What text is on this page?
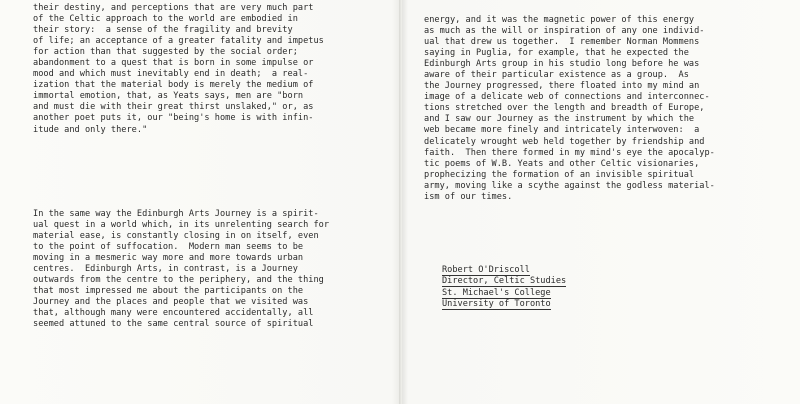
their destiny, and perceptions that are very much part
of the Celtic approach to the world are embodied in
their story:  a sense of the fragility and brevity
of life; an acceptance of a greater fatality and impetus
for action than that suggested by the social order;
abandonment to a quest that is born in some impulse or
mood and which must inevitably end in death;  a real-
ization that the material body is merely the medium of
immortal emotion, that, as Yeats says, men are "born
and must die with their great thirst unslaked," or, as
another poet puts it, our "being's home is with infin-
itude and only there."

In the same way the Edinburgh Arts Journey is a spirit-
ual quest in a world which, in its unrelenting search for
material ease, is constantly closing in on itself, even
to the point of suffocation.  Modern man seems to be
moving in a mesmeric way more and more towards urban
centres.  Edinburgh Arts, in contrast, is a Journey
outwards from the centre to the periphery, and the thing
that most impressed me about the participants on the
Journey and the places and people that we visited was
that, although many were encountered accidentally, all
seemed attuned to the same central source of spiritual

energy, and it was the magnetic power of this energy
as much as the will or inspiration of any one individ-
ual that drew us together.  I remember Norman Mommens
saying in Puglia, for example, that he expected the
Edinburgh Arts group in his studio long before he was
aware of their particular existence as a group.  As
the Journey progressed, there floated into my mind an
image of a delicate web of connections and interconnec-
tions stretched over the length and breadth of Europe,
and I saw our Journey as the instrument by which the
web became more finely and intricately interwoven:  a
delicately wrought web held together by friendship and
faith.  Then there formed in my mind's eye the apocalyp-
tic poems of W.B. Yeats and other Celtic visionaries,
prophecizing the formation of an invisible spiritual
army, moving like a scythe against the godless material-
ism of our times.

Robert O'Driscoll
Director, Celtic Studies
St. Michael's College
University of Toronto
